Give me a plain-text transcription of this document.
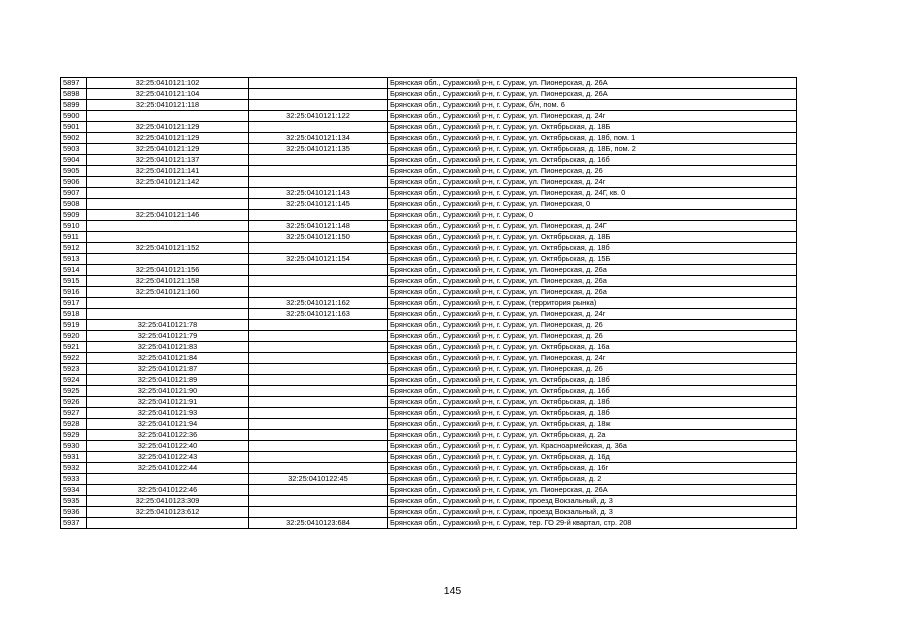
5897	32:25:0410121:102		Брянская обл., Суражский р-н, г. Сураж, ул. Пионерская, д. 26А
5898	32:25:0410121:104		Брянская обл., Суражский р-н, г. Сураж, ул. Пионерская, д. 26А
5899	32:25:0410121:118		Брянская обл., Суражский р-н, г. Сураж, б/н, пом. 6
5900		32:25:0410121:122	Брянская обл., Суражский р-н, г. Сураж, ул. Пионерская, д. 24г
5901	32:25:0410121:129		Брянская обл., Суражский р-н, г. Сураж, ул. Октябрьская, д. 18Б
5902	32:25:0410121:129	32:25:0410121:134	Брянская обл., Суражский р-н, г. Сураж, ул. Октябрьская, д. 18б, пом. 1
5903	32:25:0410121:129	32:25:0410121:135	Брянская обл., Суражский р-н, г. Сураж, ул. Октябрьская, д. 18Б, пом. 2
5904	32:25:0410121:137		Брянская обл., Суражский р-н, г. Сураж, ул. Октябрьская, д. 16б
5905	32:25:0410121:141		Брянская обл., Суражский р-н, г. Сураж, ул. Пионерская, д. 26
5906	32:25:0410121:142		Брянская обл., Суражский р-н, г. Сураж, ул. Пионерская, д. 24г
5907		32:25:0410121:143	Брянская обл., Суражский р-н, г. Сураж, ул. Пионерская, д. 24Г, кв. 0
5908		32:25:0410121:145	Брянская обл., Суражский р-н, г. Сураж, ул. Пионерская, 0
5909	32:25:0410121:146		Брянская обл., Суражский р-н, г. Сураж, 0
5910		32:25:0410121:148	Брянская обл., Суражский р-н, г. Сураж, ул. Пионерская, д. 24Г
5911		32:25:0410121:150	Брянская обл., Суражский р-н, г. Сураж, ул. Октябрьская, д. 18Б
5912	32:25:0410121:152		Брянская обл., Суражский р-н, г. Сураж, ул. Октябрьская, д. 18б
5913		32:25:0410121:154	Брянская обл., Суражский р-н, г. Сураж, ул. Октябрьская, д. 15Б
5914	32:25:0410121:156		Брянская обл., Суражский р-н, г. Сураж, ул. Пионерская, д. 26а
5915	32:25:0410121:158		Брянская обл., Суражский р-н, г. Сураж, ул. Пионерская, д. 26а
5916	32:25:0410121:160		Брянская обл., Суражский р-н, г. Сураж, ул. Пионерская, д. 26а
5917		32:25:0410121:162	Брянская обл., Суражский р-н, г. Сураж, (территория рынка)
5918		32:25:0410121:163	Брянская обл., Суражский р-н, г. Сураж, ул. Пионерская, д. 24г
5919	32:25:0410121:78		Брянская обл., Суражский р-н, г. Сураж, ул. Пионерская, д. 26
5920	32:25:0410121:79		Брянская обл., Суражский р-н, г. Сураж, ул. Пионерская, д. 26
5921	32:25:0410121:83		Брянская обл., Суражский р-н, г. Сураж, ул. Октябрьская, д. 16а
5922	32:25:0410121:84		Брянская обл., Суражский р-н, г. Сураж, ул. Пионерская, д. 24г
5923	32:25:0410121:87		Брянская обл., Суражский р-н, г. Сураж, ул. Пионерская, д. 26
5924	32:25:0410121:89		Брянская обл., Суражский р-н, г. Сураж, ул. Октябрьская, д. 18б
5925	32:25:0410121:90		Брянская обл., Суражский р-н, г. Сураж, ул. Октябрьская, д. 16б
5926	32:25:0410121:91		Брянская обл., Суражский р-н, г. Сураж, ул. Октябрьская, д. 18б
5927	32:25:0410121:93		Брянская обл., Суражский р-н, г. Сураж, ул. Октябрьская, д. 18б
5928	32:25:0410121:94		Брянская обл., Суражский р-н, г. Сураж, ул. Октябрьская, д. 18ж
5929	32:25:0410122:36		Брянская обл., Суражский р-н, г. Сураж, ул. Октябрьская, д. 2а
5930	32:25:0410122:40		Брянская обл., Суражский р-н, г. Сураж, ул. Красноармейская, д. 36а
5931	32:25:0410122:43		Брянская обл., Суражский р-н, г. Сураж, ул. Октябрьская, д. 16д
5932	32:25:0410122:44		Брянская обл., Суражский р-н, г. Сураж, ул. Октябрьская, д. 16г
5933		32:25:0410122:45	Брянская обл., Суражский р-н, г. Сураж, ул. Октябрьская, д. 2
5934	32:25:0410122:46		Брянская обл., Суражский р-н, г. Сураж, ул. Пионерская, д. 26А
5935	32:25:0410123:309		Брянская обл., Суражский р-н, г. Сураж, проезд Вокзальный, д. 3
5936	32:25:0410123:612		Брянская обл., Суражский р-н, г. Сураж, проезд Вокзальный, д. 3
5937		32:25:0410123:684	Брянская обл., Суражский р-н, г. Сураж, тер. ГО 29-й квартал, стр. 208
145
